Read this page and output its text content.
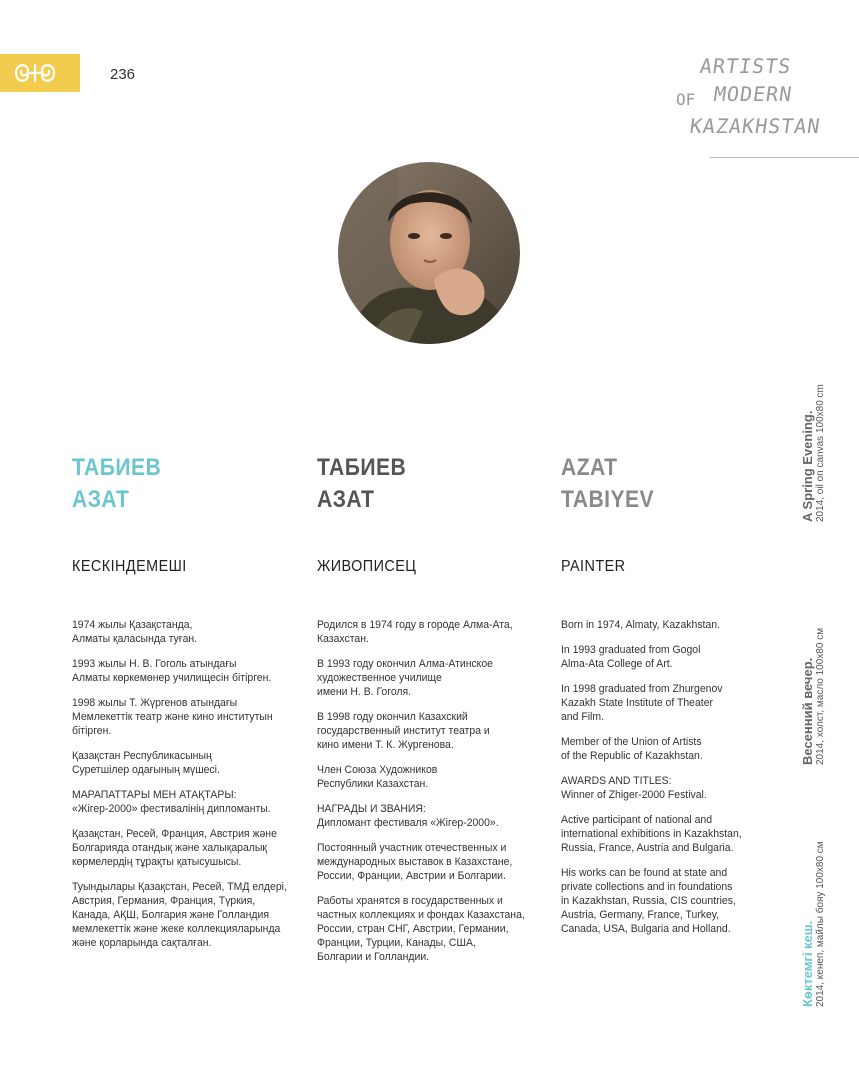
236	ARTISTS
OF MODERN
KAZAKHSTAN
ТАБИЕВ
АЗАТ
КЕСКІНДЕМЕШІ

1974 жылы Қазақстанда,
Алматы қаласында туған.

1993 жылы Н. В. Гоголь атындағы
Алматы көркемөнер училищесін бітірген.

1998 жылы Т. Жүргенов атындағы
Мемлекеттік театр және кино институтын
бітірген.

Қазақстан Республикасының
Суретшілер одағының мүшесі.

МАРАПАТТАРЫ МЕН АТАҚТАРЫ:
«Жігер-2000» фестивалінің дипломанты.

Қазақстан, Ресей, Франция, Австрия және
Болгарияда отандық және халықаралық
көрмелердің тұрақты қатысушысы.

Туындылары Қазақстан, Ресей, ТМД елдері,
Австрия, Германия, Франция, Түркия,
Канада, АҚШ, Болгария және Голландия
мемлекеттік және жеке коллекцияларында
және қорларында сақталған.

ТАБИЕВ
АЗАТ
ЖИВОПИСЕЦ

Родился в 1974 году в городе Алма-Ата,
Казахстан.

В 1993 году окончил Алма-Атинское
художественное училище
имени Н. В. Гоголя.

В 1998 году окончил Казахский
государственный институт театра и
кино имени Т. К. Жургенова.

Член Союза Художников
Республики Казахстан.

НАГРАДЫ И ЗВАНИЯ:
Дипломант фестиваля «Жігер-2000».

Постоянный участник отечественных и
международных выставок в Казахстане,
России, Франции, Австрии и Болгарии.

Работы хранятся в государственных и
частных коллекциях и фондах Казахстана,
России, стран СНГ, Австрии, Германии,
Франции, Турции, Канады, США,
Болгарии и Голландии.

AZAT
TABIYEV
PAINTER

Born in 1974, Almaty, Kazakhstan.

In 1993 graduated from Gogol
Alma-Ata College of Art.

In 1998 graduated from Zhurgenov
Kazakh State Institute of Theater
and Film.

Member of the Union of Artists
of the Republic of Kazakhstan.

AWARDS AND TITLES:
Winner of Zhiger-2000 Festival.

Active participant of national and
international exhibitions in Kazakhstan,
Russia, France, Austria and Bulgaria.

His works can be found at state and
private collections and in foundations
in Kazakhstan, Russia, CIS countries,
Austria, Germany, France, Turkey,
Canada, USA, Bulgaria and Holland.

A Spring Evening. 2014, oil on canvas 100x80 cm
Весенний вечер. 2014, холст, масло 100x80 см
Көктемгі кеш. 2014, кенеп, майлы бояу 100x80 см
